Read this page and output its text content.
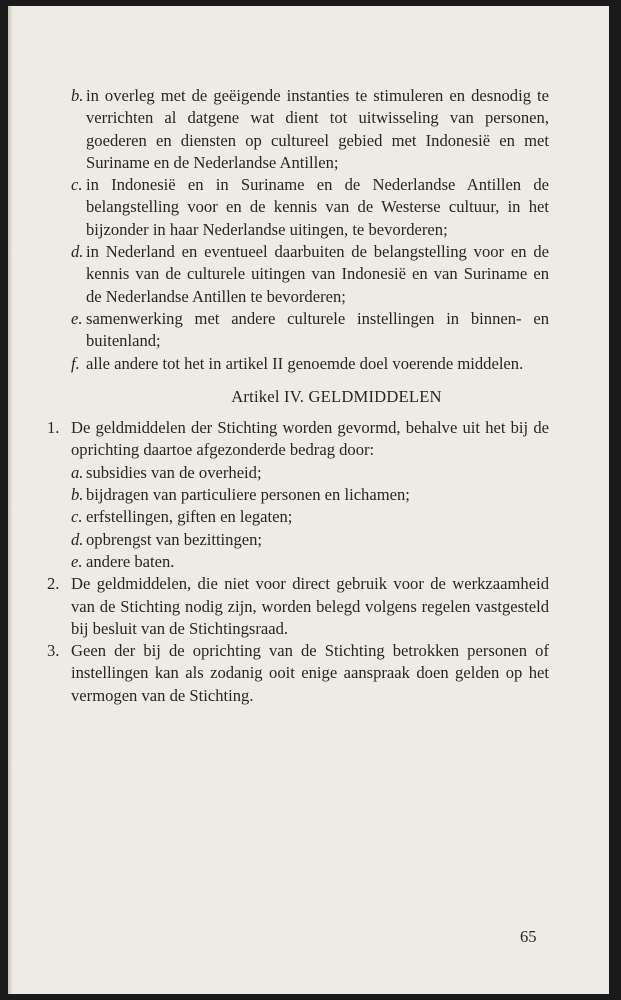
b. in overleg met de geëigende instanties te stimuleren en desnodig te verrichten al datgene wat dient tot uitwisseling van personen, goederen en diensten op cultureel gebied met Indonesië en met Suriname en de Nederlandse Antillen;
c. in Indonesië en in Suriname en de Nederlandse Antillen de belangstelling voor en de kennis van de Westerse cultuur, in het bijzonder in haar Nederlandse uitingen, te bevorderen;
d. in Nederland en eventueel daarbuiten de belangstelling voor en de kennis van de culturele uitingen van Indonesië en van Suriname en de Nederlandse Antillen te bevorderen;
e. samenwerking met andere culturele instellingen in binnen- en buitenland;
f. alle andere tot het in artikel II genoemde doel voerende middelen.
Artikel IV. GELDMIDDELEN
1. De geldmiddelen der Stichting worden gevormd, behalve uit het bij de oprichting daartoe afgezonderde bedrag door:
a. subsidies van de overheid;
b. bijdragen van particuliere personen en lichamen;
c. erfstellingen, giften en legaten;
d. opbrengst van bezittingen;
e. andere baten.
2. De geldmiddelen, die niet voor direct gebruik voor de werkzaamheid van de Stichting nodig zijn, worden belegd volgens regelen vastgesteld bij besluit van de Stichtingsraad.
3. Geen der bij de oprichting van de Stichting betrokken personen of instellingen kan als zodanig ooit enige aanspraak doen gelden op het vermogen van de Stichting.
65
